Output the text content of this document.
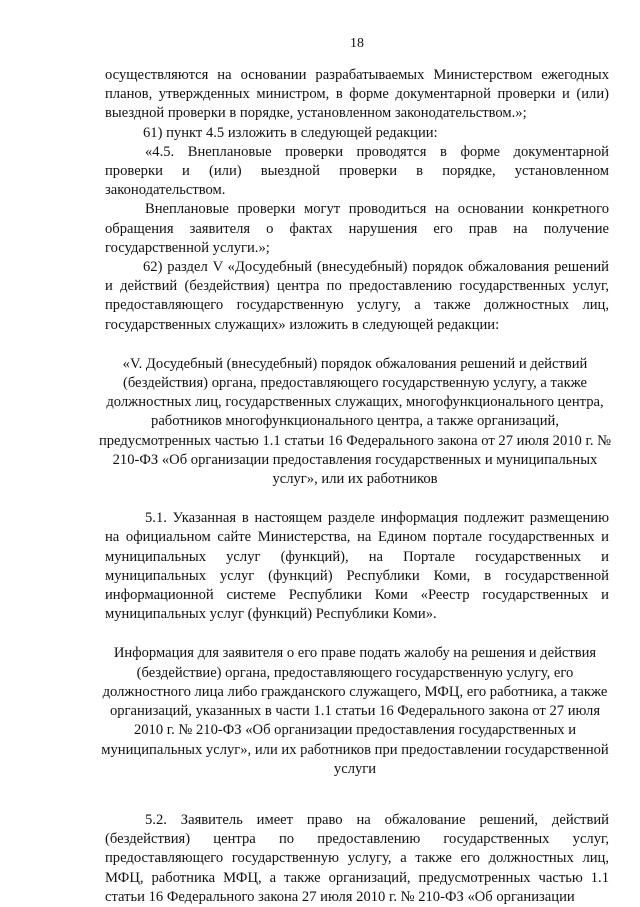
18

осуществляются на основании разрабатываемых Министерством ежегодных планов, утвержденных министром, в форме документарной проверки и (или) выездной проверки в порядке, установленном законодательством.»;

61) пункт 4.5 изложить в следующей редакции:

«4.5. Внеплановые проверки проводятся в форме документарной проверки и (или) выездной проверки в порядке, установленном законодательством.

Внеплановые проверки могут проводиться на основании конкретного обращения заявителя о фактах нарушения его прав на получение государственной услуги.»;

62) раздел V «Досудебный (внесудебный) порядок обжалования решений и действий (бездействия) центра по предоставлению государственных услуг, предоставляющего государственную услугу, а также должностных лиц, государственных служащих» изложить в следующей редакции:

«V. Досудебный (внесудебный) порядок обжалования решений и действий (бездействия) органа, предоставляющего государственную услугу, а также должностных лиц, государственных служащих, многофункционального центра, работников многофункционального центра, а также организаций, предусмотренных частью 1.1 статьи 16 Федерального закона от 27 июля 2010 г. № 210-ФЗ «Об организации предоставления государственных и муниципальных услуг», или их работников

5.1. Указанная в настоящем разделе информация подлежит размещению на официальном сайте Министерства, на Едином портале государственных и муниципальных услуг (функций), на Портале государственных и муниципальных услуг (функций) Республики Коми, в государственной информационной системе Республики Коми «Реестр государственных и муниципальных услуг (функций) Республики Коми».

Информация для заявителя о его праве подать жалобу на решения и действия (бездействие) органа, предоставляющего государственную услугу, его должностного лица либо гражданского служащего, МФЦ, его работника, а также организаций, указанных в части 1.1 статьи 16 Федерального закона от 27 июля 2010 г. № 210-ФЗ «Об организации предоставления государственных и муниципальных услуг», или их работников при предоставлении государственной услуги

5.2. Заявитель имеет право на обжалование решений, действий (бездействия) центра по предоставлению государственных услуг, предоставляющего государственную услугу, а также его должностных лиц, МФЦ, работника МФЦ, а также организаций, предусмотренных частью 1.1 статьи 16 Федерального закона 27 июля 2010 г. № 210-ФЗ «Об организации
